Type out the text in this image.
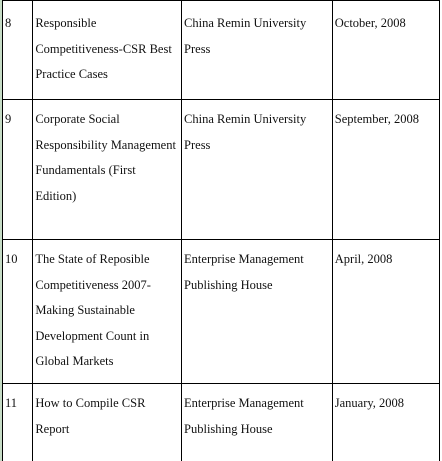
8	Responsible Competitiveness-CSR Best Practice Cases	China Remin University Press	October, 2008
9	Corporate Social Responsibility Management Fundamentals (First Edition)	China Remin University Press	September, 2008
10	The State of Reposible Competitiveness 2007-Making Sustainable Development Count in Global Markets	Enterprise Management Publishing House	April, 2008
11	How to Compile CSR Report	Enterprise Management Publishing House	January, 2008
